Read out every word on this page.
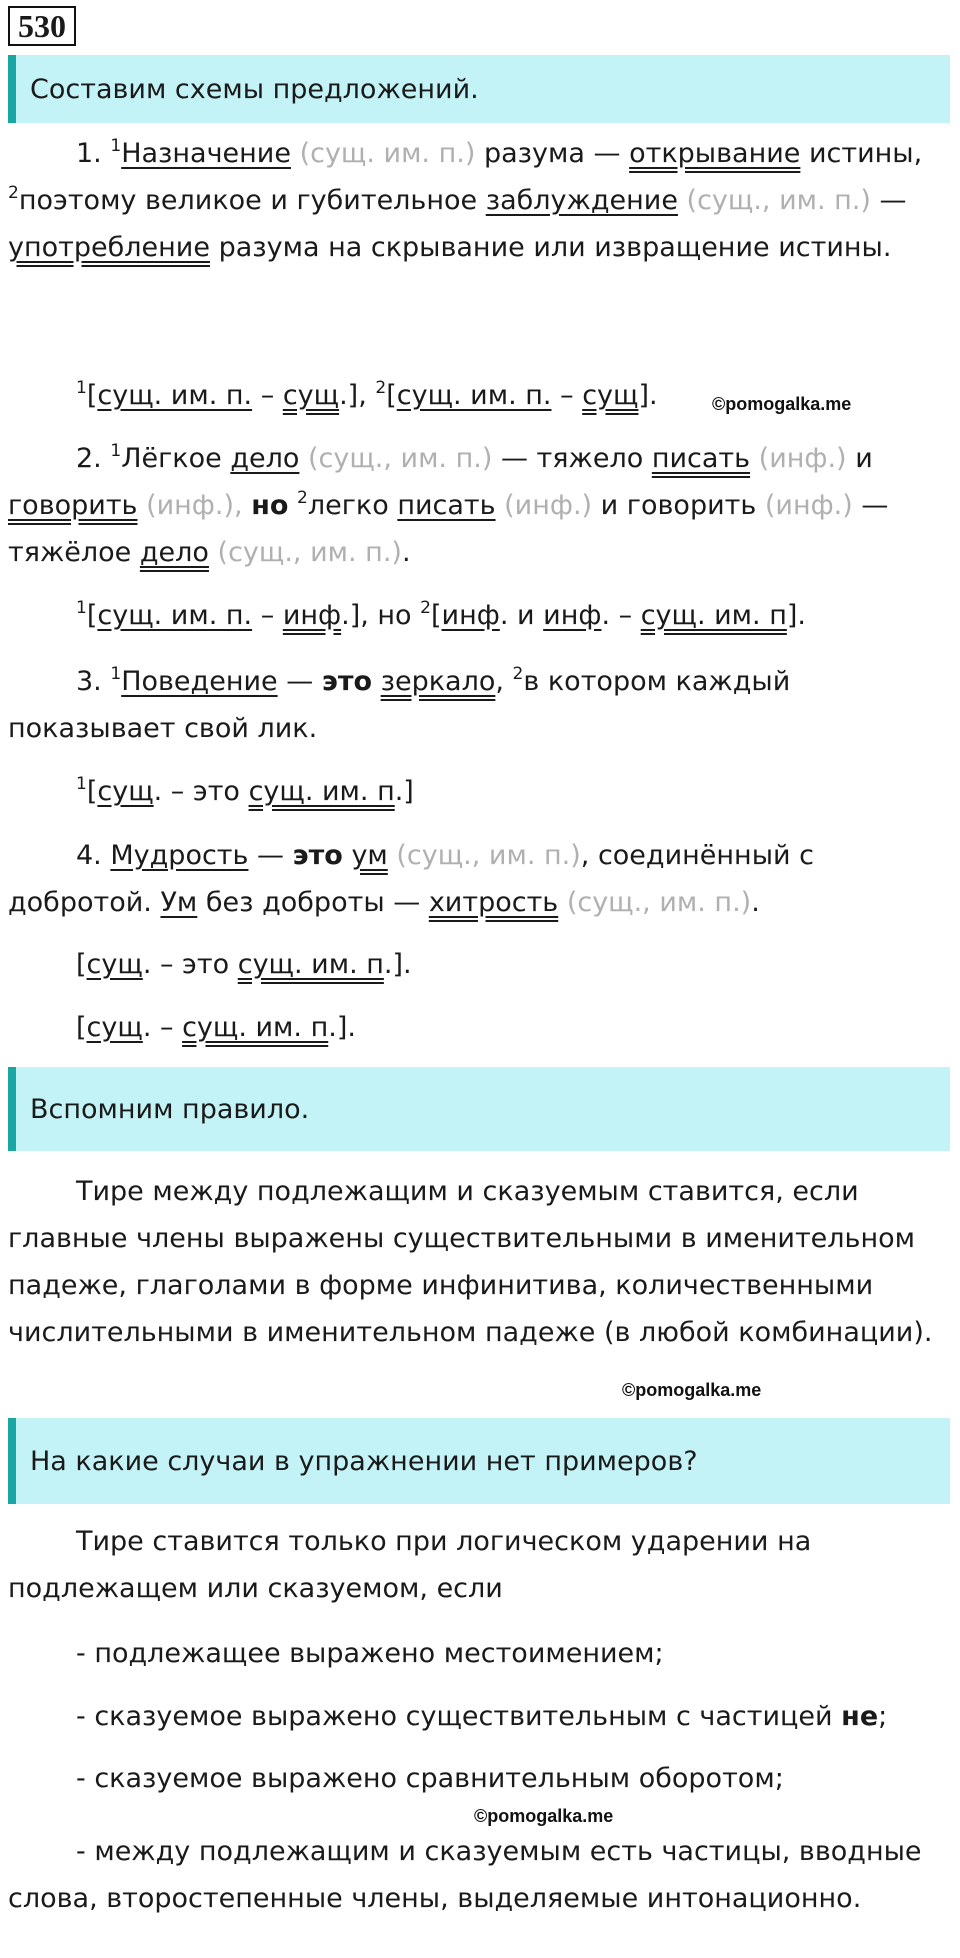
530
Составим схемы предложений.

1. $^1$Назначение (сущ. им. п.) разума — открывание истины, $^2$поэтому великое и губительное заблуждение (сущ., им. п.) — употребление разума на скрывание или извращение истины.

$^1$[сущ. им. п. – сущ.], $^2$[сущ. им. п. – сущ].	©pomogalka.me

2. $^1$Лёгкое дело (сущ., им. п.) — тяжело писать (инф.) и говорить (инф.), но $^2$легко писать (инф.) и говорить (инф.) — тяжёлое дело (сущ., им. п.).

$^1$[сущ. им. п. – инф.], но $^2$[инф. и инф. – сущ. им. п].

3. $^1$Поведение — это зеркало, $^2$в котором каждый показывает свой лик.

$^1$[сущ. – это сущ. им. п.]

4. Мудрость — это ум (сущ., им. п.), соединённый с добротой. Ум без доброты — хитрость (сущ., им. п.).

[сущ. – это сущ. им. п.].

[сущ. – сущ. им. п.].

Вспомним правило.

Тире между подлежащим и сказуемым ставится, если главные члены выражены существительными в именительном падеже, глаголами в форме инфинитива, количественными числительными в именительном падеже (в любой комбинации).

©pomogalka.me
На какие случаи в упражнении нет примеров?

Тире ставится только при логическом ударении на подлежащем или сказуемом, если

- подлежащее выражено местоимением;

- сказуемое выражено существительным с частицей не;

- сказуемое выражено сравнительным оборотом;

©pomogalka.me

- между подлежащим и сказуемым есть частицы, вводные слова, второстепенные члены, выделяемые интонационно.
